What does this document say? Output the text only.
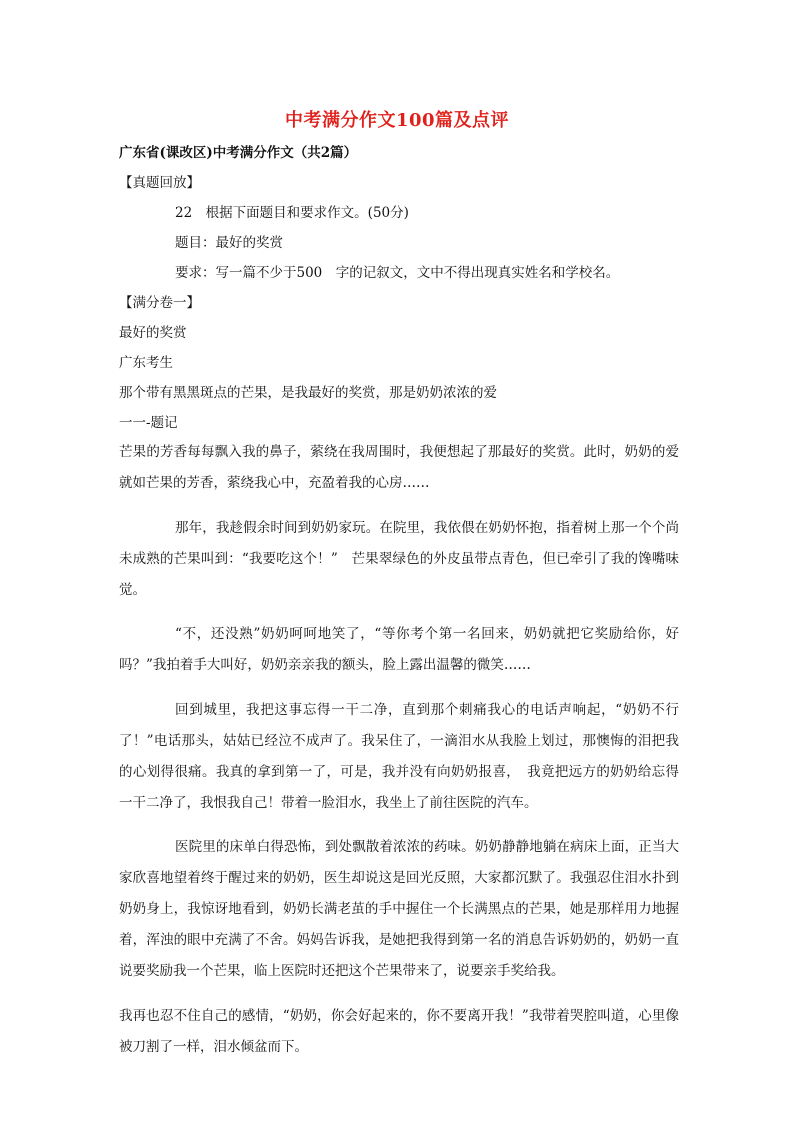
中考满分作文100篇及点评
广东省(课改区)中考满分作文（共2篇）
【真题回放】
22　根据下面题目和要求作文。(50分)
题目：最好的奖赏
要求：写一篇不少于500　字的记叙文，文中不得出现真实姓名和学校名。
【满分卷一】
最好的奖赏
广东考生
那个带有黑黑斑点的芒果，是我最好的奖赏，那是奶奶浓浓的爱
一一-题记

芒果的芳香每每飘入我的鼻子，萦绕在我周围时，我便想起了那最好的奖赏。此时，奶奶的爱就如芒果的芳香，萦绕我心中，充盈着我的心房……

那年，我趁假余时间到奶奶家玩。在院里，我依偎在奶奶怀抱，指着树上那一个个尚未成熟的芒果叫到：“我要吃这个！”　芒果翠绿色的外皮虽带点青色，但已牵引了我的馋嘴味觉。

“不，还没熟”奶奶呵呵地笑了，“等你考个第一名回来，奶奶就把它奖励给你，好吗？”我拍着手大叫好，奶奶亲亲我的额头，脸上露出温馨的微笑……

回到城里，我把这事忘得一干二净，直到那个刺痛我心的电话声响起，“奶奶不行了！”电话那头，姑姑已经泣不成声了。我呆住了，一滴泪水从我脸上划过，那懊悔的泪把我的心划得很痛。我真的拿到第一了，可是，我并没有向奶奶报喜，　我竟把远方的奶奶给忘得一干二净了，我恨我自己！带着一脸泪水，我坐上了前往医院的汽车。

医院里的床单白得恐怖，到处飘散着浓浓的药味。奶奶静静地躺在病床上面，正当大家欣喜地望着终于醒过来的奶奶，医生却说这是回光反照，大家都沉默了。我强忍住泪水扑到奶奶身上，我惊讶地看到，奶奶长满老茧的手中握住一个长满黑点的芒果，她是那样用力地握着，浑浊的眼中充满了不舍。妈妈告诉我，是她把我得到第一名的消息告诉奶奶的，奶奶一直说要奖励我一个芒果，临上医院时还把这个芒果带来了，说要亲手奖给我。

我再也忍不住自己的感情，“奶奶，你会好起来的，你不要离开我！”我带着哭腔叫道，心里像被刀割了一样，泪水倾盆而下。
